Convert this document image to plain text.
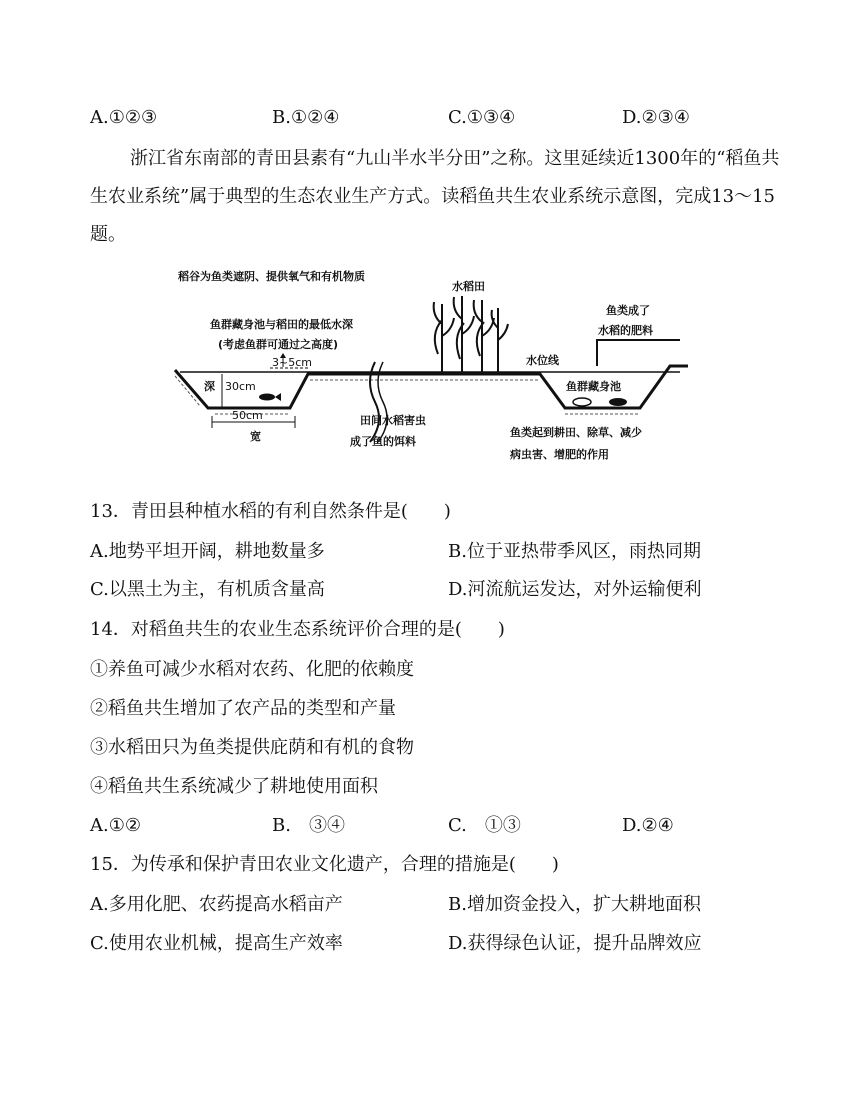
A.①②③	B.①②④	C.①③④	D.②③④
浙江省东南部的青田县素有“九山半水半分田”之称。这里延续近1300年的“稻鱼共生农业系统”属于典型的生态农业生产方式。读稻鱼共生农业系统示意图，完成13～15题。
稻谷为鱼类遮阴、提供氧气和有机物质
水稻田
鱼群藏身池与稻田的最低水深
(考虑鱼群可通过之高度)
鱼类成了
水稻的肥料
3~5cm	水位线
鱼群藏身池
深 30cm
50cm
宽
田间水稻害虫
成了鱼的饵料
鱼类起到耕田、除草、减少
病虫害、增肥的作用
13．青田县种植水稻的有利自然条件是(　　)
A.地势平坦开阔，耕地数量多	B.位于亚热带季风区，雨热同期
C.以黑土为主，有机质含量高	D.河流航运发达，对外运输便利
14．对稻鱼共生的农业生态系统评价合理的是(　　)
①养鱼可减少水稻对农药、化肥的依赖度
②稻鱼共生增加了农产品的类型和产量
③水稻田只为鱼类提供庇荫和有机的食物
④稻鱼共生系统减少了耕地使用面积
A.①②	B.　③④	C.　①③	D.②④
15．为传承和保护青田农业文化遗产，合理的措施是(　　)
A.多用化肥、农药提高水稻亩产	B.增加资金投入，扩大耕地面积
C.使用农业机械，提高生产效率	D.获得绿色认证，提升品牌效应
